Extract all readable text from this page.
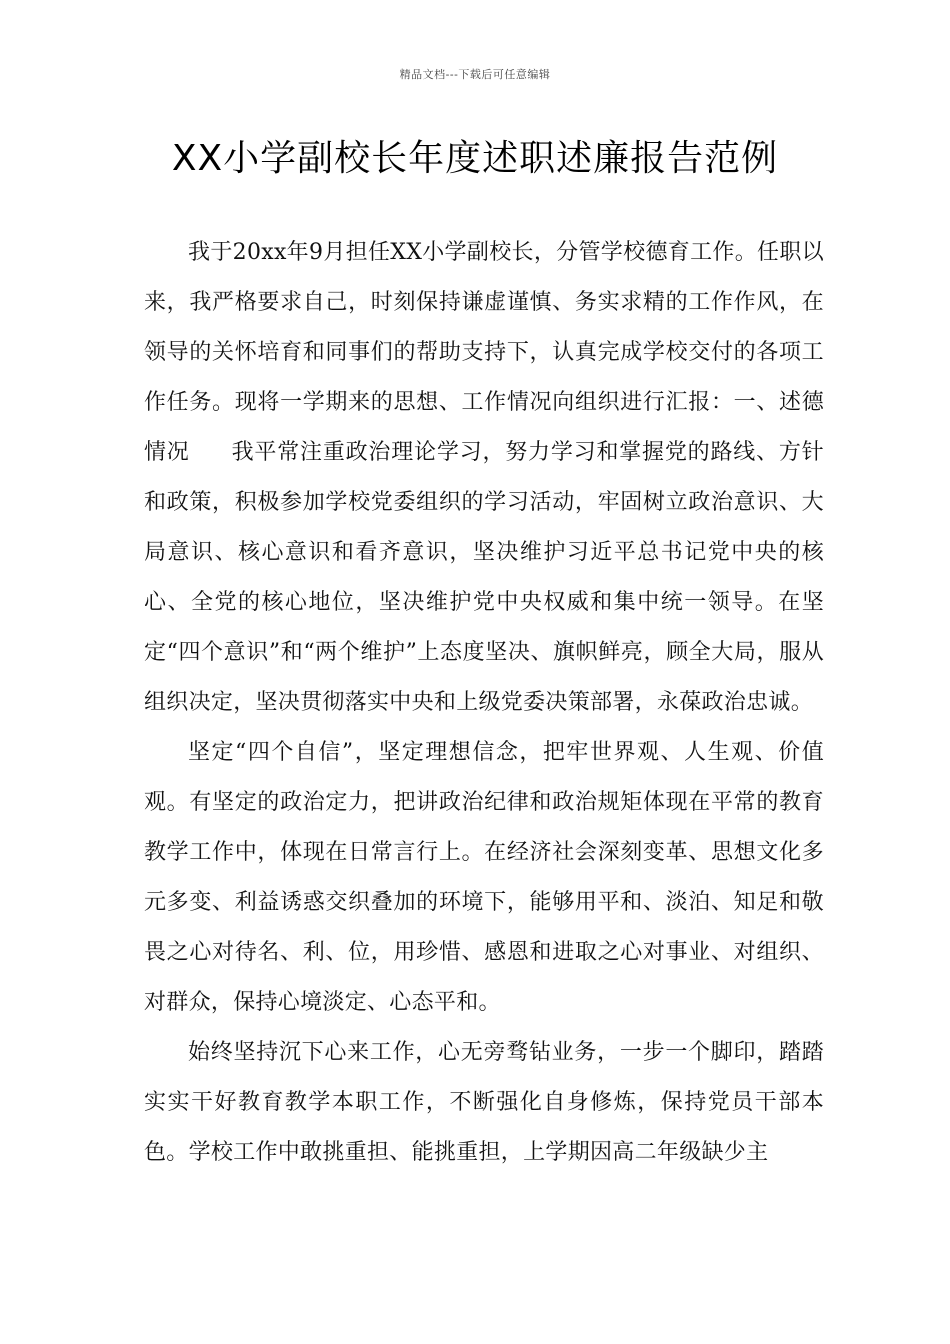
精品文档---下载后可任意编辑
XX小学副校长年度述职述廉报告范例

我于20xx年9月担任XX小学副校长，分管学校德育工作。任职以来，我严格要求自己，时刻保持谦虚谨慎、务实求精的工作作风，在领导的关怀培育和同事们的帮助支持下，认真完成学校交付的各项工作任务。现将一学期来的思想、工作情况向组织进行汇报：一、述德情况 我平常注重政治理论学习，努力学习和掌握党的路线、方针和政策，积极参加学校党委组织的学习活动，牢固树立政治意识、大局意识、核心意识和看齐意识，坚决维护习近平总书记党中央的核心、全党的核心地位，坚决维护党中央权威和集中统一领导。在坚定“四个意识”和“两个维护”上态度坚决、旗帜鲜亮，顾全大局，服从组织决定，坚决贯彻落实中央和上级党委决策部署，永葆政治忠诚。

坚定“四个自信”，坚定理想信念，把牢世界观、人生观、价值观。有坚定的政治定力，把讲政治纪律和政治规矩体现在平常的教育教学工作中，体现在日常言行上。在经济社会深刻变革、思想文化多元多变、利益诱惑交织叠加的环境下，能够用平和、淡泊、知足和敬畏之心对待名、利、位，用珍惜、感恩和进取之心对事业、对组织、对群众，保持心境淡定、心态平和。

始终坚持沉下心来工作，心无旁骛钻业务，一步一个脚印，踏踏实实干好教育教学本职工作，不断强化自身修炼，保持党员干部本色。学校工作中敢挑重担、能挑重担，上学期因高二年级缺少主
